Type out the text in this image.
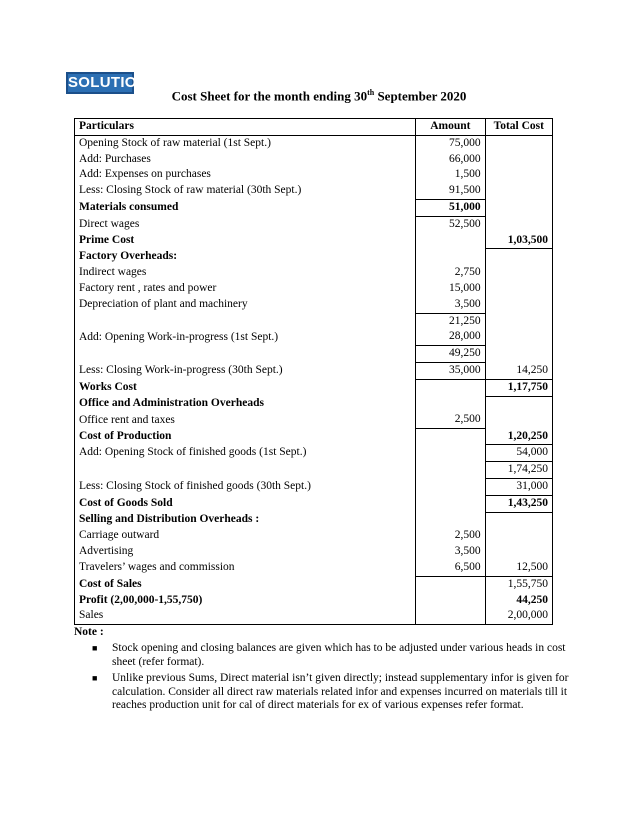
SOLUTION
Cost Sheet for the month ending 30th September 2020
Particulars	Amount	Total Cost
Opening Stock of raw material (1st Sept.)	75,000	
Add: Purchases	66,000	
Add: Expenses on purchases	1,500	
Less: Closing Stock of raw material (30th Sept.)	91,500	
Materials consumed	51,000	
Direct wages	52,500	
Prime Cost		1,03,500
Factory Overheads:		
Indirect wages	2,750	
Factory rent , rates and power	15,000	
Depreciation of plant and machinery	3,500	
	21,250	
Add: Opening Work-in-progress (1st Sept.)	28,000	
	49,250	
Less: Closing Work-in-progress (30th Sept.)	35,000	14,250
Works Cost		1,17,750
Office and Administration Overheads		
Office rent and taxes	2,500	
Cost of Production		1,20,250
Add: Opening Stock of finished goods (1st Sept.)		54,000
		1,74,250
Less: Closing Stock of finished goods (30th Sept.)		31,000
Cost of Goods Sold		1,43,250
Selling and Distribution Overheads :		
Carriage outward	2,500	
Advertising	3,500	
Travelers’ wages and commission	6,500	12,500
Cost of Sales		1,55,750
Profit (2,00,000-1,55,750)		44,250
Sales		2,00,000
Note :
■ Stock opening and closing balances are given which has to be adjusted under various heads in cost sheet (refer format).
■ Unlike previous Sums, Direct material isn’t given directly; instead supplementary infor is given for calculation. Consider all direct raw materials related infor and expenses incurred on materials till it reaches production unit for cal of direct materials for ex of various expenses refer format.
